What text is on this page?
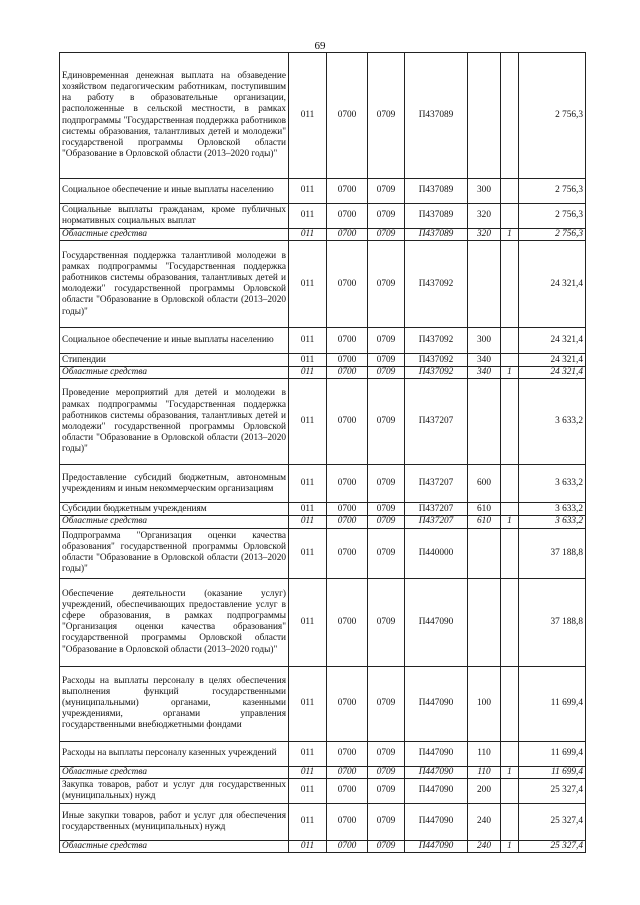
69
Единовременная денежная выплата на обзаведение хозяйством педагогическим работникам, поступившим на работу в образовательные организации, расположенные в сельской местности, в рамках подпрограммы "Государственная поддержка работников системы образования, талантливых детей и молодежи" государственой программы Орловской области "Образование в Орловской области (2013–2020 годы)"	011	0700	0709	П437089			2 756,3
Социальное обеспечение и иные выплаты населению	011	0700	0709	П437089	300		2 756,3
Социальные выплаты гражданам, кроме публичных нормативных социальных выплат	011	0700	0709	П437089	320		2 756,3
Областные средства	011	0700	0709	П437089	320	1	2 756,3
Государственная поддержка талантливой молодежи в рамках подпрограммы "Государственная поддержка работников системы образования, талантливых детей и молодежи" государственной программы Орловской области "Образование в Орловской области (2013–2020 годы)"	011	0700	0709	П437092			24 321,4
Социальное обеспечение и иные выплаты населению	011	0700	0709	П437092	300		24 321,4
Стипендии	011	0700	0709	П437092	340		24 321,4
Областные средства	011	0700	0709	П437092	340	1	24 321,4
Проведение мероприятий для детей и молодежи в рамках подпрограммы "Государственная поддержка работников системы образования, талантливых детей и молодежи" государственной программы Орловской области "Образование в Орловской области (2013–2020 годы)"	011	0700	0709	П437207			3 633,2
Предоставление субсидий бюджетным, автономным учреждениям и иным некоммерческим организациям	011	0700	0709	П437207	600		3 633,2
Субсидии бюджетным учреждениям	011	0700	0709	П437207	610		3 633,2
Областные средства	011	0700	0709	П437207	610	1	3 633,2
Подпрограмма "Организация оценки качества образования" государственной программы Орловской области "Образование в Орловской области (2013–2020 годы)"	011	0700	0709	П440000			37 188,8
Обеспечение деятельности (оказание услуг) учреждений, обеспечивающих предоставление услуг в сфере образования, в рамках подпрограммы "Организация оценки качества образования" государственной программы Орловской области "Образование в Орловской области (2013–2020 годы)"	011	0700	0709	П447090			37 188,8
Расходы на выплаты персоналу в целях обеспечения выполнения функций государственными (муниципальными) органами, казенными учреждениями, органами управления государственными внебюджетными фондами	011	0700	0709	П447090	100		11 699,4
Расходы на выплаты персоналу казенных учреждений	011	0700	0709	П447090	110		11 699,4
Областные средства	011	0700	0709	П447090	110	1	11 699,4
Закупка товаров, работ и услуг для государственных (муниципальных) нужд	011	0700	0709	П447090	200		25 327,4
Иные закупки товаров, работ и услуг для обеспечения государственных (муниципальных) нужд	011	0700	0709	П447090	240		25 327,4
Областные средства	011	0700	0709	П447090	240	1	25 327,4
